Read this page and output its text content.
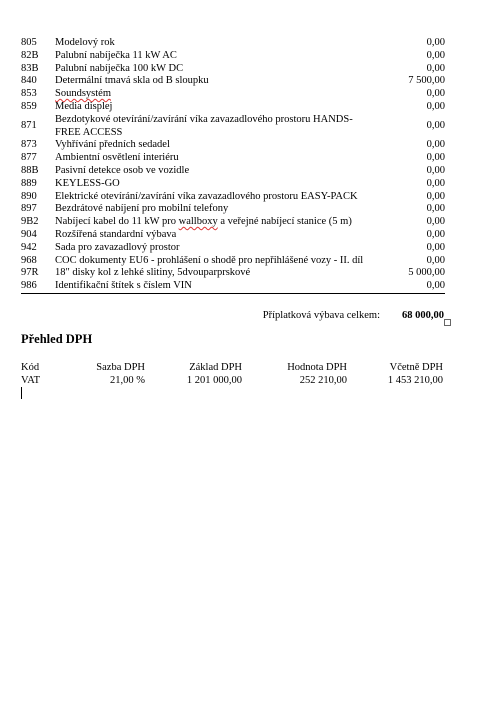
805	Modelový rok	0,00
82B	Palubní nabíječka 11 kW AC	0,00
83B	Palubní nabíječka 100 kW DC	0,00
840	Determální tmavá skla od B sloupku	7 500,00
853	Soundsystém	0,00
859	Media displej	0,00
871	Bezdotykové otevírání/zavírání víka zavazadlového prostoru HANDS-FREE ACCESS	0,00
873	Vyhřívání předních sedadel	0,00
877	Ambientní osvětlení interiéru	0,00
88B	Pasivní detekce osob ve vozidle	0,00
889	KEYLESS-GO	0,00
890	Elektrické otevírání/zavírání víka zavazadlového prostoru EASY-PACK	0,00
897	Bezdrátové nabíjení pro mobilní telefony	0,00
9B2	Nabíjecí kabel do 11 kW pro wallboxy a veřejné nabíjecí stanice (5 m)	0,00
904	Rozšířená standardní výbava	0,00
942	Sada pro zavazadlový prostor	0,00
968	COC dokumenty EU6 - prohlášení o shodě pro nepřihlášené vozy - II. díl	0,00
97R	18" disky kol z lehké slitiny, 5dvouparprskové	5 000,00
986	Identifikační štítek s číslem VIN	0,00
Příplatková výbava celkem: 68 000,00
Přehled DPH
Kód	Sazba DPH	Základ DPH	Hodnota DPH	Včetně DPH
VAT	21,00 %	1 201 000,00	252 210,00	1 453 210,00
